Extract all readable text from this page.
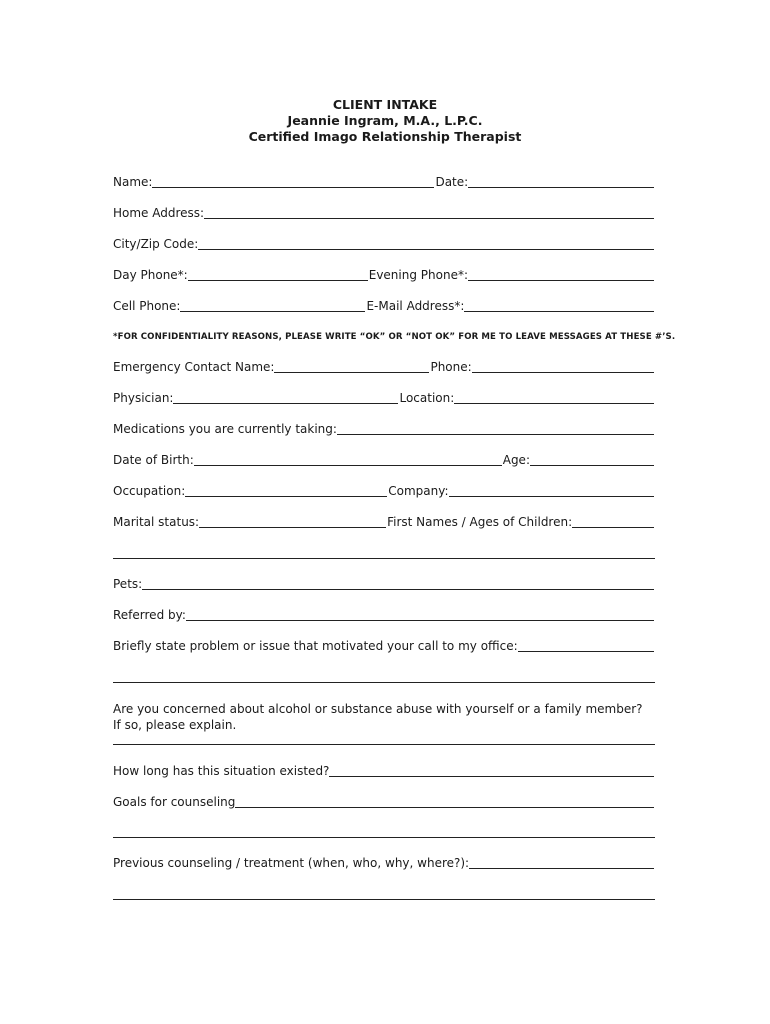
CLIENT INTAKE
Jeannie Ingram, M.A., L.P.C.
Certified Imago Relationship Therapist
Name:	Date:
Home Address:
City/Zip Code:
Day Phone*:	Evening Phone*:
Cell Phone:	E-Mail Address*:
*FOR CONFIDENTIALITY REASONS, PLEASE WRITE “OK” OR “NOT OK” FOR ME TO LEAVE MESSAGES AT THESE #’S.
Emergency Contact Name:	Phone:
Physician:	Location:
Medications you are currently taking:
Date of Birth:	Age:
Occupation:	Company:
Marital status:	First Names / Ages of Children:
Pets:
Referred by:
Briefly state problem or issue that motivated your call to my office:
Are you concerned about alcohol or substance abuse with yourself or a family member?
If so, please explain.
How long has this situation existed?
Goals for counseling
Previous counseling / treatment (when, who, why, where?):
